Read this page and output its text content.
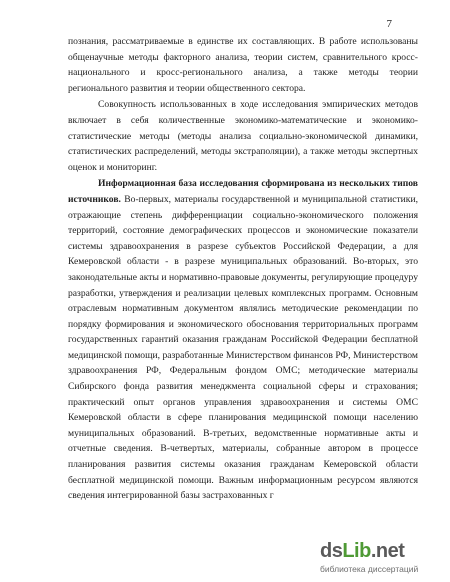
7

познания, рассматриваемые в единстве их составляющих. В работе использованы общенаучные методы факторного анализа, теории систем, сравнительного кросс-национального и кросс-регионального анализа, а также методы теории регионального развития и теории общественного сектора.

Совокупность использованных в ходе исследования эмпирических методов включает в себя количественные экономико-математические и экономико-статистические методы (методы анализа социально-экономической динамики, статистических распределений, методы экстраполяции), а также методы экспертных оценок и мониторинг.

Информационная база исследования сформирована из нескольких типов источников. Во-первых, материалы государственной и муниципальной статистики, отражающие степень дифференциации социально-экономического положения территорий, состояние демографических процессов и экономические показатели системы здравоохранения в разрезе субъектов Российской Федерации, а для Кемеровской области - в разрезе муниципальных образований. Во-вторых, это законодательные акты и нормативно-правовые документы, регулирующие процедуру разработки, утверждения и реализации целевых комплексных программ. Основным отраслевым нормативным документом являлись методические рекомендации по порядку формирования и экономического обоснования территориальных программ государственных гарантий оказания гражданам Российской Федерации бесплатной медицинской помощи, разработанные Министерством финансов РФ, Министерством здравоохранения РФ, Федеральным фондом ОМС; методические материалы Сибирского фонда развития менеджмента социальной сферы и страхования; практический опыт органов управления здравоохранения и системы ОМС Кемеровской области в сфере планирования медицинской помощи населению муниципальных образований. В-третьих, ведомственные нормативные акты и отчетные сведения. В-четвертых, материалы, собранные автором в процессе планирования развития системы оказания гражданам Кемеровской области бесплатной медицинской помощи. Важным информационным ресурсом являются сведения интегрированной базы застрахованных г

dsLib.net
библиотека диссертаций
